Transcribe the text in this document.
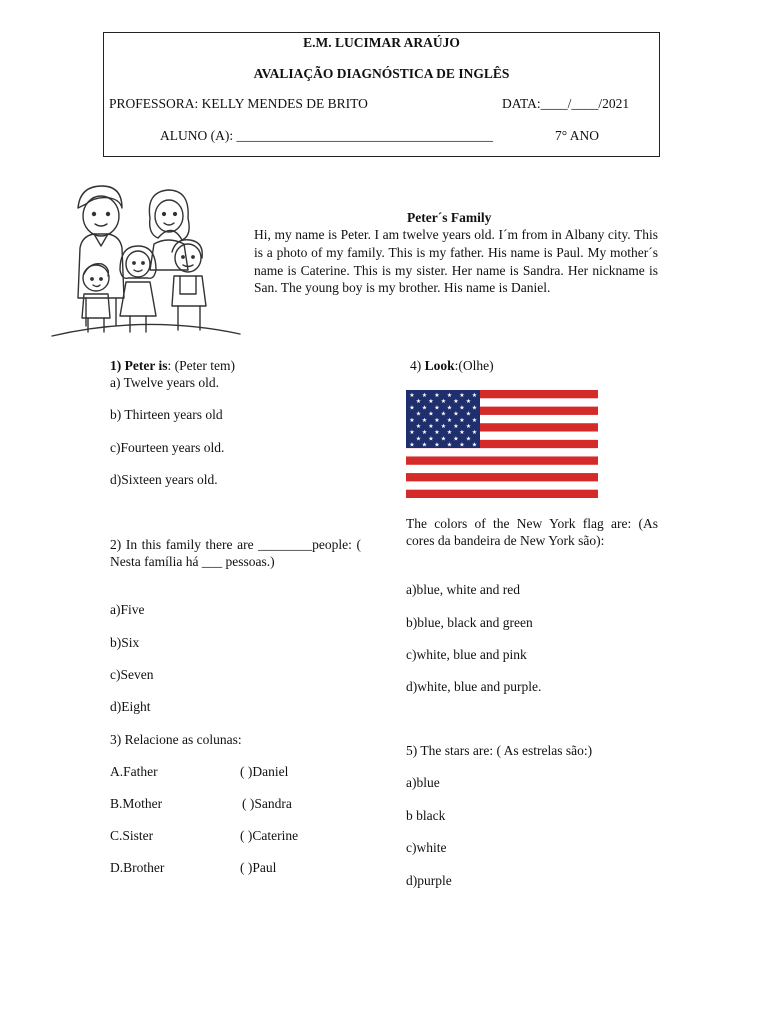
E.M. LUCIMAR ARAÚJO
AVALIAÇÃO DIAGNÓSTICA DE INGLÊS
PROFESSORA: KELLY MENDES DE BRITO	DATA:____/____/2021
ALUNO (A): ______________________________________	7° ANO
Peter´s Family
Hi, my name is Peter. I am twelve years old. I´m from in Albany city. This is a photo of my family. This is my father. His name is Paul. My mother´s name is Caterine. This is my sister. Her name is Sandra. Her nickname is San. The young boy is my brother. His name is Daniel.
1) Peter is: (Peter tem)
a) Twelve years old.
b) Thirteen years old
c)Fourteen years old.
d)Sixteen years old.
2) In this family there are ________people: ( Nesta família há ___ pessoas.)
a)Five
b)Six
c)Seven
d)Eight
3) Relacione as colunas:
A.Father
B.Mother
C.Sister
D.Brother
( )Daniel
( )Sandra
( )Caterine
( )Paul
4) Look:(Olhe)
★ ★ ★ ★ ★ ★
★ ★ ★ ★ ★
★ ★ ★ ★ ★ ★
★ ★ ★ ★ ★
★ ★ ★ ★ ★ ★
★ ★ ★ ★ ★
★ ★ ★ ★ ★ ★
★ ★ ★ ★ ★
★ ★ ★ ★ ★ ★
The colors of the New York flag are: (As cores da bandeira de New York são):
a)blue, white and red
b)blue, black and green
c)white, blue and pink
d)white, blue and purple.
5) The stars are: ( As estrelas são:)
a)blue
b black
c)white
d)purple
